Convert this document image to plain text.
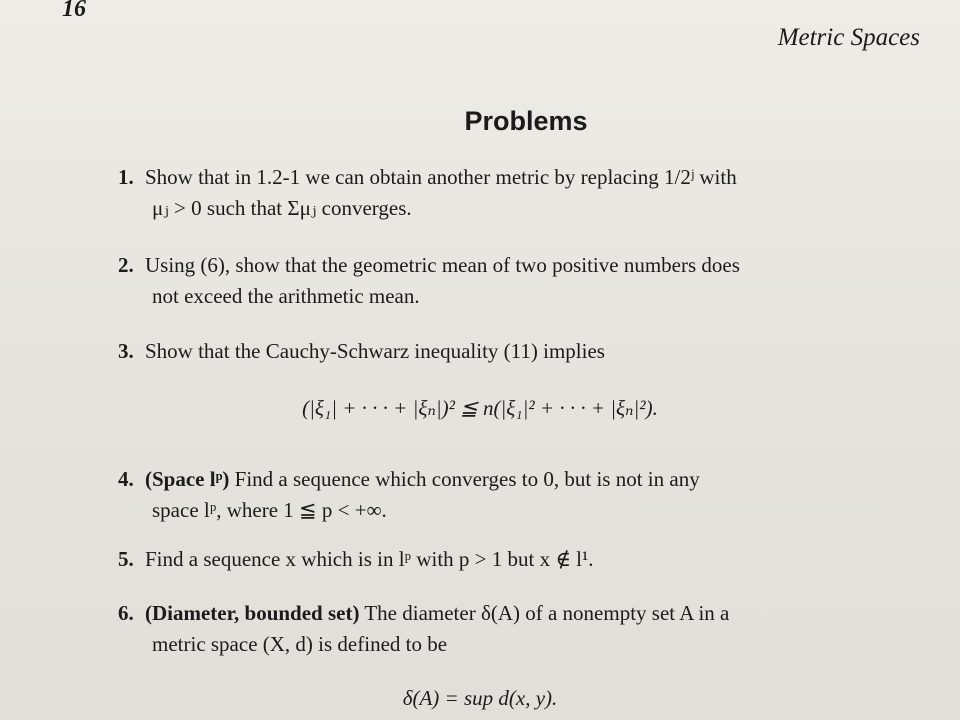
16
Metric Spaces
Problems
1. Show that in 1.2-1 we can obtain another metric by replacing 1/2ʲ with
μⱼ > 0 such that Σμⱼ converges.
2. Using (6), show that the geometric mean of two positive numbers does
not exceed the arithmetic mean.
3. Show that the Cauchy-Schwarz inequality (11) implies
(|ξ₁| + · · · + |ξₙ|)² ≦ n(|ξ₁|² + · · · + |ξₙ|²).
4. (Space lᵖ) Find a sequence which converges to 0, but is not in any
space lᵖ, where 1 ≦ p < +∞.
5. Find a sequence x which is in lᵖ with p > 1 but x ∉ l¹.
6. (Diameter, bounded set) The diameter δ(A) of a nonempty set A in a
metric space (X, d) is defined to be
δ(A) = sup d(x, y).
